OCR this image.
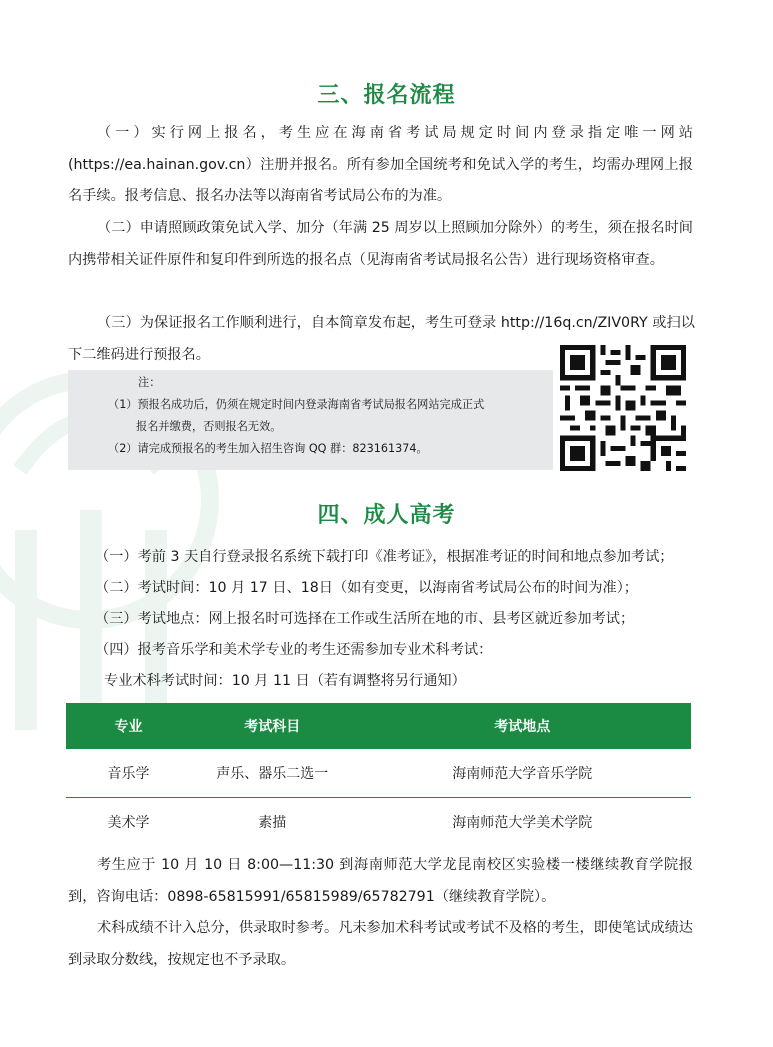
三、报名流程
（一）实行网上报名，考生应在海南省考试局规定时间内登录指定唯一网站 (https://ea.hainan.gov.cn）注册并报名。所有参加全国统考和免试入学的考生，均需办理网上报名手续。报考信息、报名办法等以海南省考试局公布的为准。
（二）申请照顾政策免试入学、加分（年满 25 周岁以上照顾加分除外）的考生，须在报名时间内携带相关证件原件和复印件到所选的报名点（见海南省考试局报名公告）进行现场资格审查。
（三）为保证报名工作顺利进行，自本简章发布起，考生可登录 http://16q.cn/ZIV0RY 或扫以下二维码进行预报名。
注：
（1）预报名成功后，仍须在规定时间内登录海南省考试局报名网站完成正式
报名并缴费，否则报名无效。
（2）请完成预报名的考生加入招生咨询 QQ 群：823161374。
四、成人高考
（一）考前 3 天自行登录报名系统下载打印《准考证》，根据准考证的时间和地点参加考试；
（二）考试时间：10 月 17 日、18日（如有变更，以海南省考试局公布的时间为准）；
（三）考试地点：网上报名时可选择在工作或生活所在地的市、县考区就近参加考试；
（四）报考音乐学和美术学专业的考生还需参加专业术科考试：
专业术科考试时间：10 月 11 日（若有调整将另行通知）
专业	考试科目	考试地点
音乐学	声乐、器乐二选一	海南师范大学音乐学院
美术学	素描	海南师范大学美术学院
考生应于 10 月 10 日 8:00—11:30 到海南师范大学龙昆南校区实验楼一楼继续教育学院报到，咨询电话：0898-65815991/65815989/65782791（继续教育学院）。
术科成绩不计入总分，供录取时参考。凡未参加术科考试或考试不及格的考生，即使笔试成绩达到录取分数线，按规定也不予录取。
